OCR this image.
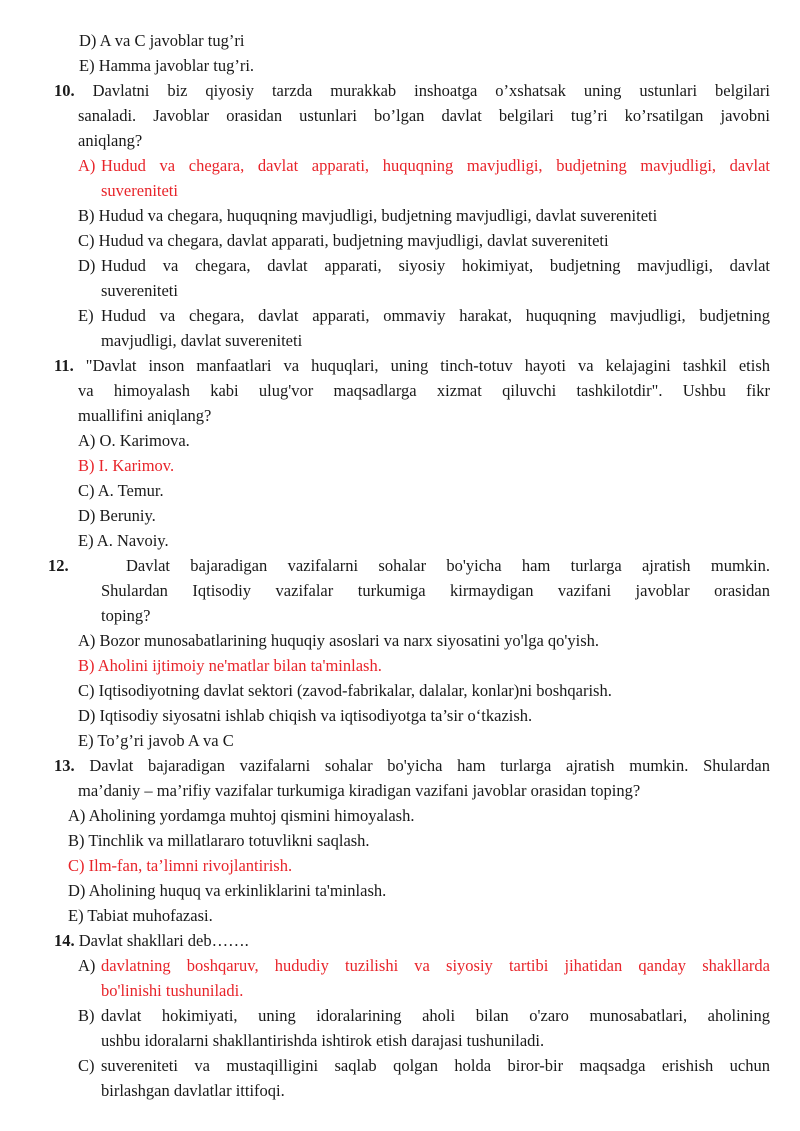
D) A va C javoblar tug’ri
E) Hamma javoblar tug’ri.
10. Davlatni biz qiyosiy tarzda murakkab inshoatga o’xshatsak uning ustunlari belgilari
sanaladi. Javoblar orasidan ustunlari bo’lgan davlat belgilari tug’ri ko’rsatilgan javobni
aniqlang?
A) Hudud va chegara, davlat apparati, huquqning mavjudligi, budjetning mavjudligi, davlat
suvereniteti
B) Hudud va chegara, huquqning mavjudligi, budjetning mavjudligi, davlat suvereniteti
C) Hudud va chegara, davlat apparati, budjetning mavjudligi, davlat suvereniteti
D) Hudud va chegara, davlat apparati, siyosiy hokimiyat, budjetning mavjudligi, davlat
suvereniteti
E) Hudud va chegara, davlat apparati, ommaviy harakat, huquqning mavjudligi, budjetning
mavjudligi, davlat suvereniteti
11. "Davlat inson manfaatlari va huquqlari, uning tinch-totuv hayoti va kelajagini tashkil etish
va himoyalash kabi ulug'vor maqsadlarga xizmat qiluvchi tashkilotdir". Ushbu fikr
muallifini aniqlang?
A) O. Karimova.
B) I. Karimov.
C) A. Temur.
D) Beruniy.
E) A. Navoiy.
12.	Davlat bajaradigan vazifalarni sohalar bo'yicha ham turlarga ajratish mumkin.
Shulardan Iqtisodiy vazifalar turkumiga kirmaydigan vazifani javoblar orasidan
toping?
A) Bozor munosabatlarining huquqiy asoslari va narx siyosatini yo'lga qo'yish.
B) Aholini ijtimoiy ne'matlar bilan ta'minlash.
C) Iqtisodiyotning davlat sektori (zavod-fabrikalar, dalalar, konlar)ni boshqarish.
D) Iqtisodiy siyosatni ishlab chiqish va iqtisodiyotga ta’sir o‘tkazish.
E) To’g’ri javob A va C
13. Davlat bajaradigan vazifalarni sohalar bo'yicha ham turlarga ajratish mumkin. Shulardan
ma’daniy – ma’rifiy vazifalar turkumiga kiradigan vazifani javoblar orasidan toping?
A) Aholining yordamga muhtoj qismini himoyalash.
B) Tinchlik va millatlararo totuvlikni saqlash.
C) Ilm-fan, ta’limni rivojlantirish.
D) Aholining huquq va erkinliklarini ta'minlash.
E) Tabiat muhofazasi.
14. Davlat shakllari deb…….
A) davlatning boshqaruv, hududiy tuzilishi va siyosiy tartibi jihatidan qanday shakllarda
bo'linishi tushuniladi.
B) davlat hokimiyati, uning idoralarining aholi bilan o'zaro munosabatlari, aholining
ushbu idoralarni shakllantirishda ishtirok etish darajasi tushuniladi.
C) suvereniteti va mustaqilligini saqlab qolgan holda biror-bir maqsadga erishish uchun
birlashgan davlatlar ittifoqi.
